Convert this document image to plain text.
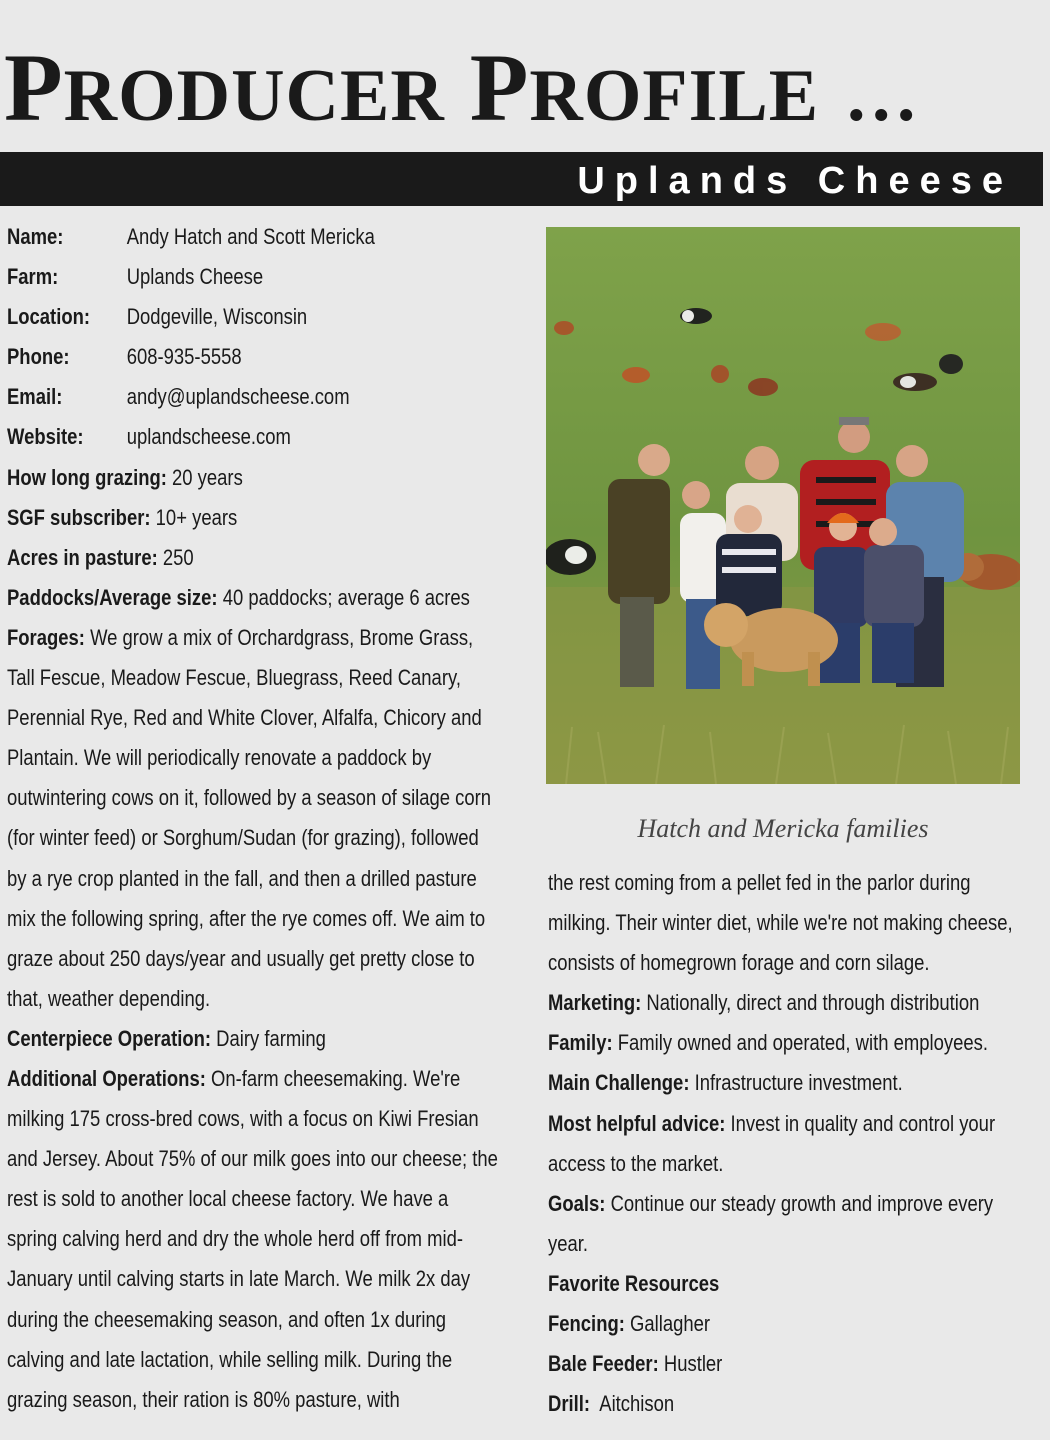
PRODUCER PROFILE …
Uplands Cheese
Name:	Andy Hatch and Scott Mericka
Farm:	Uplands Cheese
Location: Dodgeville, Wisconsin
Phone:	608-935-5558
Email:	andy@uplandscheese.com
Website: uplandscheese.com
How long grazing: 20 years
SGF subscriber: 10+ years
Acres in pasture: 250
Paddocks/Average size: 40 paddocks; average 6 acres
Forages: We grow a mix of Orchardgrass, Brome Grass, Tall Fescue, Meadow Fescue, Bluegrass, Reed Canary, Perennial Rye, Red and White Clover, Alfalfa, Chicory and Plantain. We will periodically renovate a paddock by outwintering cows on it, followed by a season of silage corn (for winter feed) or Sorghum/Sudan (for grazing), followed by a rye crop planted in the fall, and then a drilled pasture mix the following spring, after the rye comes off. We aim to graze about 250 days/year and usually get pretty close to that, weather depending.
Centerpiece Operation: Dairy farming
Additional Operations: On-farm cheesemaking. We're milking 175 cross-bred cows, with a focus on Kiwi Fresian and Jersey. About 75% of our milk goes into our cheese; the rest is sold to another local cheese factory. We have a spring calving herd and dry the whole herd off from mid-January until calving starts in late March. We milk 2x day during the cheesemaking season, and often 1x during calving and late lactation, while selling milk. During the grazing season, their ration is 80% pasture, with
Hatch and Mericka families
the rest coming from a pellet fed in the parlor during milking. Their winter diet, while we're not making cheese, consists of homegrown forage and corn silage.
Marketing: Nationally, direct and through distribution
Family: Family owned and operated, with employees.
Main Challenge: Infrastructure investment.
Most helpful advice: Invest in quality and control your access to the market.
Goals: Continue our steady growth and improve every year.
Favorite Resources
Fencing: Gallagher
Bale Feeder: Hustler
Drill: Aitchison
